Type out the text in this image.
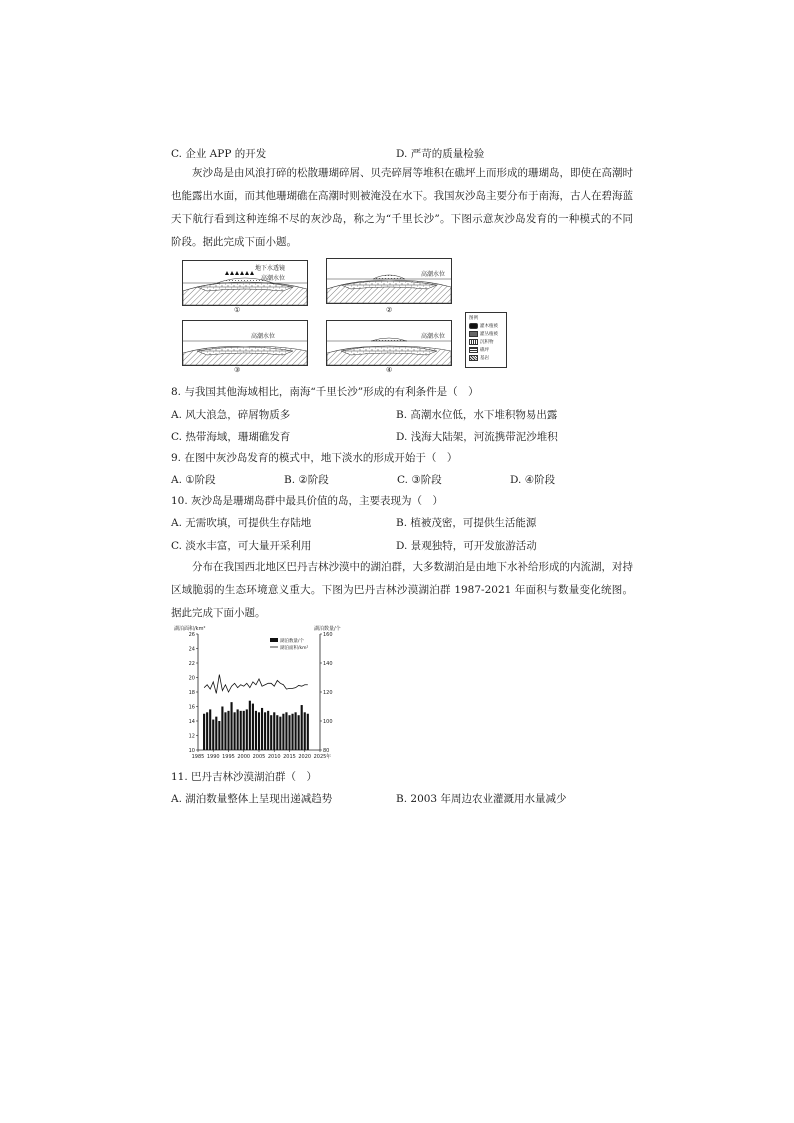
C. 企业 APP 的开发	D. 严苛的质量检验
灰沙岛是由风浪打碎的松散珊瑚碎屑、贝壳碎屑等堆积在礁坪上而形成的珊瑚岛，即使在高潮时也能露出水面，而其他珊瑚礁在高潮时则被淹没在水下。我国灰沙岛主要分布于南海，古人在碧海蓝天下航行看到这种连绵不尽的灰沙岛，称之为“千里长沙”。下图示意灰沙岛发育的一种模式的不同阶段。据此完成下面小题。
地下水透镜
高潮水位
①
高潮水位
②
高潮水位
③
高潮水位
④
图例
灌木植被
灌丛植被
沉积物
礁坪
基岩
8. 与我国其他海域相比，南海“千里长沙”形成的有利条件是（　）
A. 风大浪急，碎屑物质多	B. 高潮水位低，水下堆积物易出露
C. 热带海域，珊瑚礁发育	D. 浅海大陆架，河流携带泥沙堆积
9. 在图中灰沙岛发育的模式中，地下淡水的形成开始于（　）
A. ①阶段	B. ②阶段	C. ③阶段	D. ④阶段
10. 灰沙岛是珊瑚岛群中最具价值的岛，主要表现为（　）
A. 无需吹填，可提供生存陆地	B. 植被茂密，可提供生活能源
C. 淡水丰富，可大量开采利用	D. 景观独特，可开发旅游活动
分布在我国西北地区巴丹吉林沙漠中的湖泊群，大多数湖泊是由地下水补给形成的内流湖，对持区域脆弱的生态环境意义重大。下图为巴丹吉林沙漠湖泊群 1987-2021 年面积与数量变化统图。据此完成下面小题。
10
12
14
16
18
20
22
24
26
80
100
120
140
160
1985 1990 1995 2000 2005 2010 2015 2020 2025 年
湖泊面积/km²	湖泊数量/个
湖泊数量/个
湖泊面积/km²
11. 巴丹吉林沙漠湖泊群（　）
A. 湖泊数量整体上呈现出递减趋势	B. 2003 年周边农业灌溉用水量减少
